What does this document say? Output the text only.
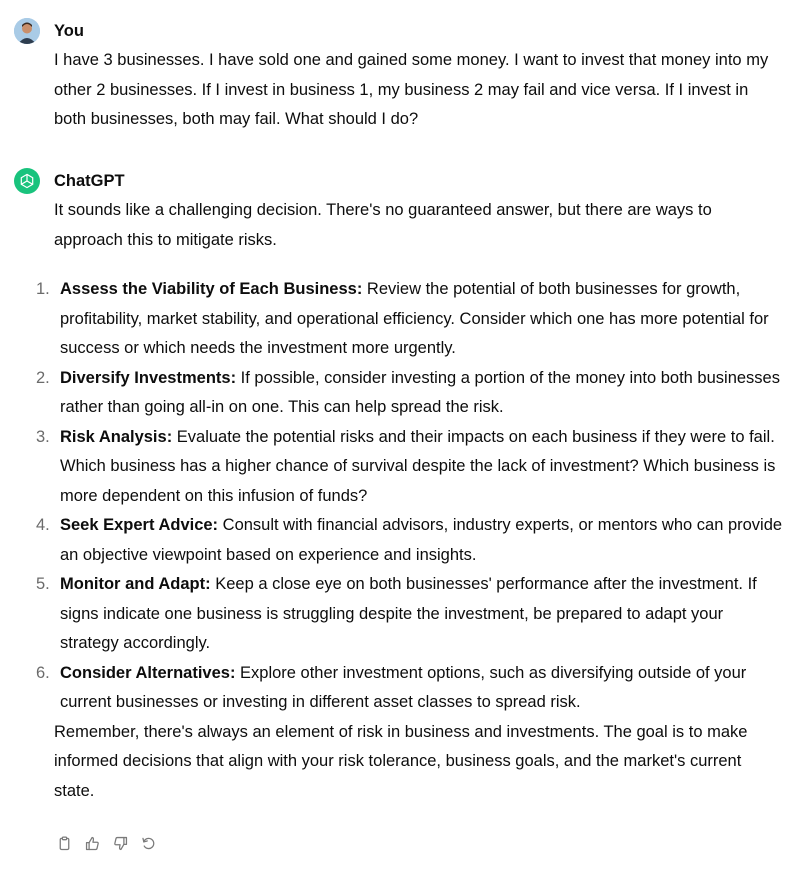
You
I have 3 businesses. I have sold one and gained some money. I want to invest that money into my other 2 businesses. If I invest in business 1, my business 2 may fail and vice versa. If I invest in both businesses, both may fail. What should I do?
ChatGPT

It sounds like a challenging decision. There's no guaranteed answer, but there are ways to approach this to mitigate risks.

1. Assess the Viability of Each Business: Review the potential of both businesses for growth, profitability, market stability, and operational efficiency. Consider which one has more potential for success or which needs the investment more urgently.
2. Diversify Investments: If possible, consider investing a portion of the money into both businesses rather than going all-in on one. This can help spread the risk.
3. Risk Analysis: Evaluate the potential risks and their impacts on each business if they were to fail. Which business has a higher chance of survival despite the lack of investment? Which business is more dependent on this infusion of funds?
4. Seek Expert Advice: Consult with financial advisors, industry experts, or mentors who can provide an objective viewpoint based on experience and insights.
5. Monitor and Adapt: Keep a close eye on both businesses' performance after the investment. If signs indicate one business is struggling despite the investment, be prepared to adapt your strategy accordingly.
6. Consider Alternatives: Explore other investment options, such as diversifying outside of your current businesses or investing in different asset classes to spread risk.

Remember, there's always an element of risk in business and investments. The goal is to make informed decisions that align with your risk tolerance, business goals, and the market's current state.
